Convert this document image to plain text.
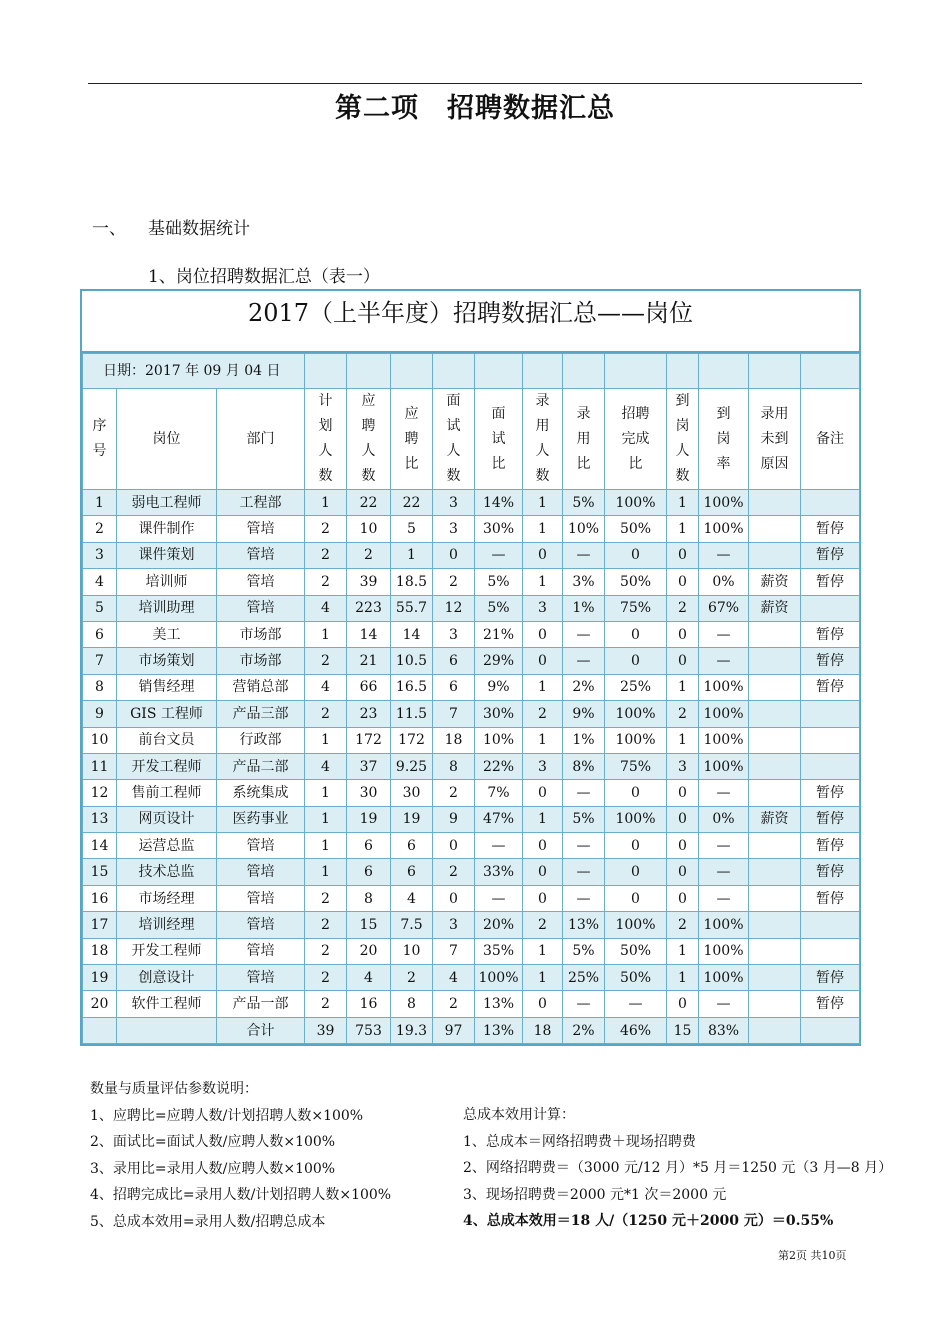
第二项　招聘数据汇总
一、 基础数据统计
1、岗位招聘数据汇总（表一）
2017（上半年度）招聘数据汇总——岗位
日期：2017 年 09 月 04 日														
序号	岗位	部门	计划人数	应聘人数	应聘比	面试人数	面试比	录用人数	录用比	招聘完成比	到岗人数	到岗率	录用未到原因	备注
1	弱电工程师	工程部	1	22	22	3	14%	1	5%	100%	1	100%		
2	课件制作	管培	2	10	5	3	30%	1	10%	50%	1	100%		暂停
3	课件策划	管培	2	2	1	0	—	0	—	0	0	—		暂停
4	培训师	管培	2	39	18.5	2	5%	1	3%	50%	0	0%	薪资	暂停
5	培训助理	管培	4	223	55.7	12	5%	3	1%	75%	2	67%	薪资	
6	美工	市场部	1	14	14	3	21%	0	—	0	0	—		暂停
7	市场策划	市场部	2	21	10.5	6	29%	0	—	0	0	—		暂停
8	销售经理	营销总部	4	66	16.5	6	9%	1	2%	25%	1	100%		暂停
9	GIS 工程师	产品三部	2	23	11.5	7	30%	2	9%	100%	2	100%		
10	前台文员	行政部	1	172	172	18	10%	1	1%	100%	1	100%		
11	开发工程师	产品二部	4	37	9.25	8	22%	3	8%	75%	3	100%		
12	售前工程师	系统集成	1	30	30	2	7%	0	—	0	0	—		暂停
13	网页设计	医药事业	1	19	19	9	47%	1	5%	100%	0	0%	薪资	暂停
14	运营总监	管培	1	6	6	0	—	0	—	0	0	—		暂停
15	技术总监	管培	1	6	6	2	33%	0	—	0	0	—		暂停
16	市场经理	管培	2	8	4	0	—	0	—	0	0	—		暂停
17	培训经理	管培	2	15	7.5	3	20%	2	13%	100%	2	100%		
18	开发工程师	管培	2	20	10	7	35%	1	5%	50%	1	100%		
19	创意设计	管培	2	4	2	4	100%	1	25%	50%	1	100%		暂停
20	软件工程师	产品一部	2	16	8	2	13%	0	—	—	0	—		暂停
		合计	39	753	19.3	97	13%	18	2%	46%	15	83%		
数量与质量评估参数说明：
1、应聘比=应聘人数/计划招聘人数×100%
2、面试比=面试人数/应聘人数×100%
3、录用比=录用人数/应聘人数×100%
4、招聘完成比=录用人数/计划招聘人数×100%
5、总成本效用=录用人数/招聘总成本
总成本效用计算：
1、总成本＝网络招聘费＋现场招聘费
2、网络招聘费＝（3000 元/12 月）*5 月＝1250 元（3 月—8 月）
3、现场招聘费＝2000 元*1 次＝2000 元
4、总成本效用＝18 人/（1250 元＋2000 元）＝0.55%
第2页 共10页
